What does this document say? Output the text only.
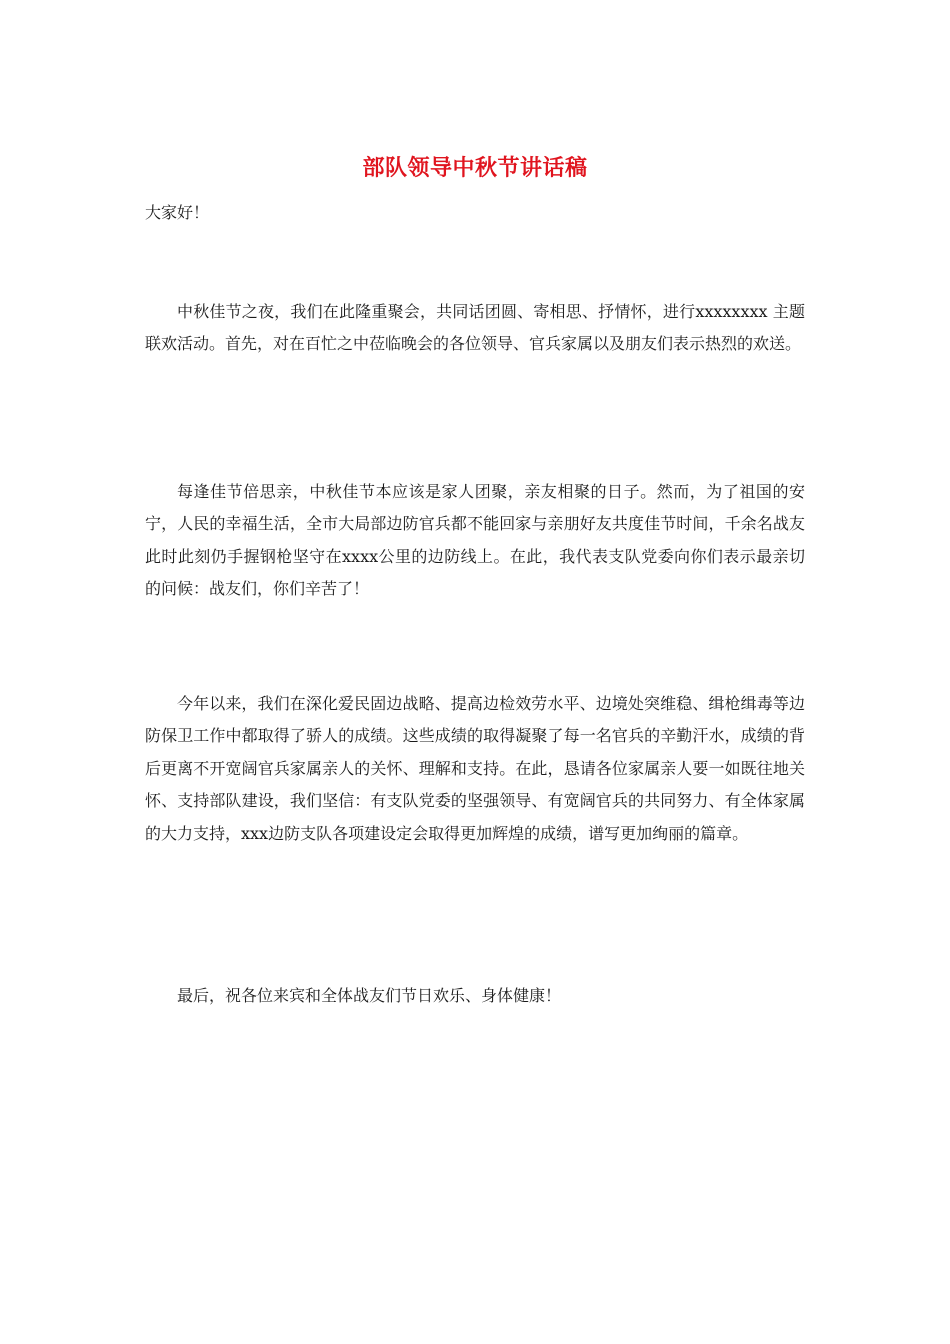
部队领导中秋节讲话稿

大家好！

中秋佳节之夜，我们在此隆重聚会，共同话团圆、寄相思、抒情怀，进行xxxxxxxx 主题联欢活动。首先，对在百忙之中莅临晚会的各位领导、官兵家属以及朋友们表示热烈的欢送。

每逢佳节倍思亲，中秋佳节本应该是家人团聚，亲友相聚的日子。然而，为了祖国的安宁，人民的幸福生活，全市大局部边防官兵都不能回家与亲朋好友共度佳节时间，千余名战友此时此刻仍手握钢枪坚守在xxxx公里的边防线上。在此，我代表支队党委向你们表示最亲切的问候：战友们，你们辛苦了！

今年以来，我们在深化爱民固边战略、提高边检效劳水平、边境处突维稳、缉枪缉毒等边防保卫工作中都取得了骄人的成绩。这些成绩的取得凝聚了每一名官兵的辛勤汗水，成绩的背后更离不开宽阔官兵家属亲人的关怀、理解和支持。在此，恳请各位家属亲人要一如既往地关怀、支持部队建设，我们坚信：有支队党委的坚强领导、有宽阔官兵的共同努力、有全体家属的大力支持，xxx边防支队各项建设定会取得更加辉煌的成绩，谱写更加绚丽的篇章。

最后，祝各位来宾和全体战友们节日欢乐、身体健康！
